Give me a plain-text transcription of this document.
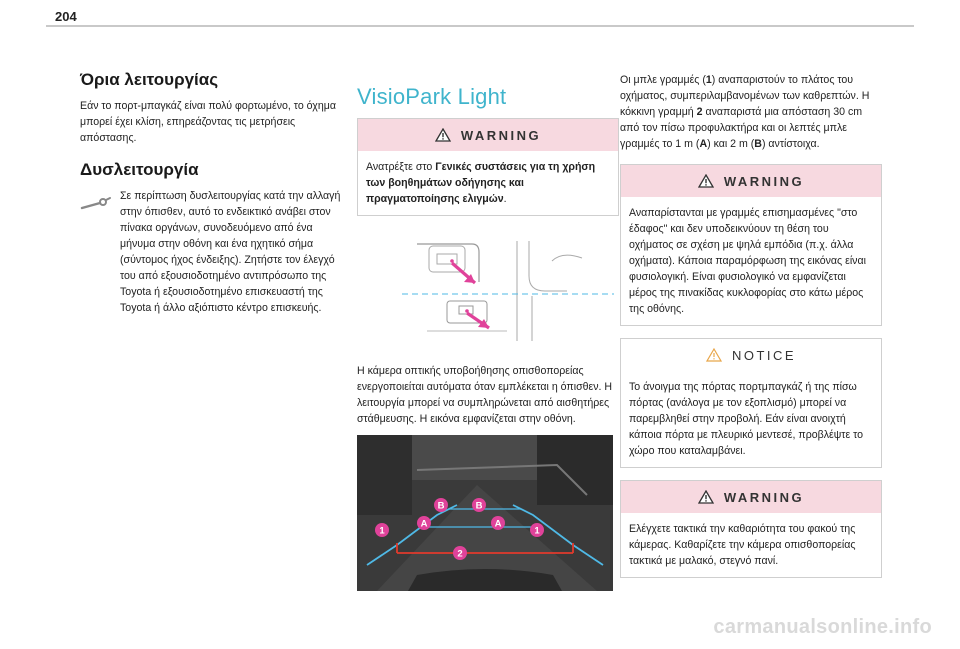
204
Όρια λειτουργίας

Εάν το πορτ-μπαγκάζ είναι πολύ φορτωμένο, το όχημα μπορεί έχει κλίση, επηρεάζοντας τις μετρήσεις απόστασης.

Δυσλειτουργία

Σε περίπτωση δυσλειτουργίας κατά την αλλαγή στην όπισθεν, αυτό το ενδεικτικό ανάβει στον πίνακα οργάνων, συνοδευόμενο από ένα μήνυμα στην οθόνη και ένα ηχητικό σήμα (σύντομος ήχος ένδειξης). Ζητήστε τον έλεγχό του από εξουσιοδοτημένο αντιπρόσωπο της Toyota ή εξουσιοδοτημένο επισκευαστή της Toyota ή άλλο αξιόπιστο κέντρο επισκευής.

VisioPark Light
WARNING
Ανατρέξτε στο Γενικές συστάσεις για τη χρήση των βοηθημάτων οδήγησης και πραγματοποίησης ελιγμών.

Η κάμερα οπτικής υποβοήθησης οπισθοπορείας ενεργοποιείται αυτόματα όταν εμπλέκεται η όπισθεν. Η λειτουργία μπορεί να συμπληρώνεται από αισθητήρες στάθμευσης. Η εικόνα εμφανίζεται στην οθόνη.

1
A
B	B
A
1
2

Οι μπλε γραμμές (1) αναπαριστούν το πλάτος του οχήματος, συμπεριλαμβανομένων των καθρεπτών. Η κόκκινη γραμμή 2 αναπαριστά μια απόσταση 30 cm από τον πίσω προφυλακτήρα και οι λεπτές μπλε γραμμές το 1 m (A) και 2 m (B) αντίστοιχα.

WARNING
Αναπαρίστανται με γραμμές επισημασμένες "στο έδαφος" και δεν υποδεικνύουν τη θέση του οχήματος σε σχέση με ψηλά εμπόδια (π.χ. άλλα οχήματα). Κάποια παραμόρφωση της εικόνας είναι φυσιολογική. Είναι φυσιολογικό να εμφανίζεται μέρος της πινακίδας κυκλοφορίας στο κάτω μέρος της οθόνης.
NOTICE
Το άνοιγμα της πόρτας πορτμπαγκάζ ή της πίσω πόρτας (ανάλογα με τον εξοπλισμό) μπορεί να παρεμβληθεί στην προβολή. Εάν είναι ανοιχτή κάποια πόρτα με πλευρικό μεντεσέ, προβλέψτε το χώρο που καταλαμβάνει.
WARNING
Ελέγχετε τακτικά την καθαριότητα του φακού της κάμερας. Καθαρίζετε την κάμερα οπισθοπορείας τακτικά με μαλακό, στεγνό πανί.
carmanualsonline.info
